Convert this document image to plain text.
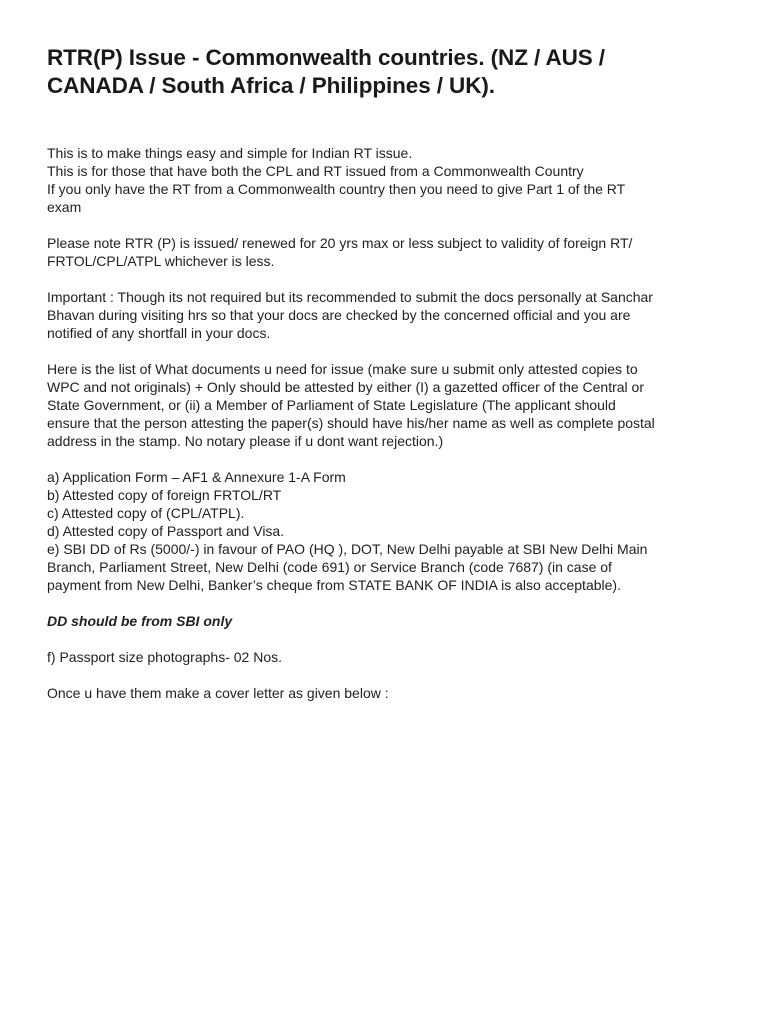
RTR(P) Issue - Commonwealth countries. (NZ / AUS /
CANADA / South Africa / Philippines / UK).

This is to make things easy and simple for Indian RT issue.
This is for those that have both the CPL and RT issued from a Commonwealth Country
If you only have the RT from a Commonwealth country then you need to give Part 1 of the RT
exam

Please note RTR (P) is issued/ renewed for 20 yrs max or less subject to validity of foreign RT/
FRTOL/CPL/ATPL whichever is less.

Important : Though its not required but its recommended to submit the docs personally at Sanchar
Bhavan during visiting hrs so that your docs are checked by the concerned official and you are
notified of any shortfall in your docs.

Here is the list of What documents u need for issue (make sure u submit only attested copies to
WPC and not originals) + Only should be attested by either (I) a gazetted officer of the Central or
State Government, or (ii) a Member of Parliament of State Legislature (The applicant should
ensure that the person attesting the paper(s) should have his/her name as well as complete postal
address in the stamp. No notary please if u dont want rejection.)

a) Application Form – AF1 & Annexure 1-A Form
b) Attested copy of foreign FRTOL/RT
c) Attested copy of (CPL/ATPL).
d) Attested copy of Passport and Visa.
e) SBI DD of Rs (5000/-) in favour of PAO (HQ ), DOT, New Delhi payable at SBI New Delhi Main
Branch, Parliament Street, New Delhi (code 691) or Service Branch (code 7687) (in case of
payment from New Delhi, Banker’s cheque from STATE BANK OF INDIA is also acceptable).

DD should be from SBI only

f) Passport size photographs- 02 Nos.

Once u have them make a cover letter as given below :
